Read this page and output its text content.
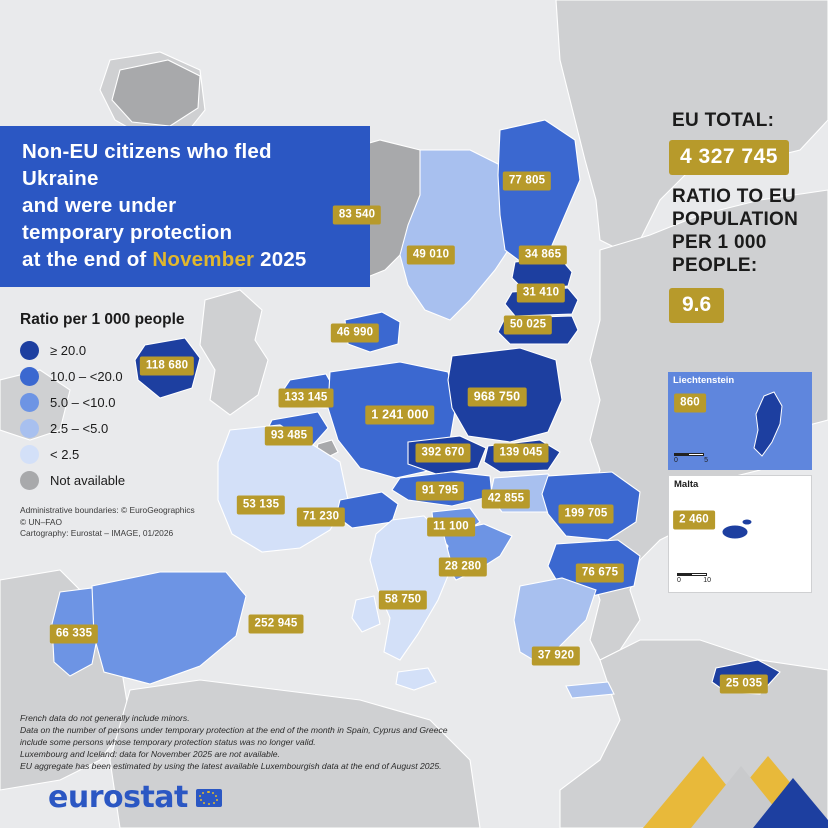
Non-EU citizens who fled Ukraine
and were under
temporary protection
at the end of November 2025
Ratio per 1 000 people
≥ 20.0
10.0 – <20.0
5.0 – <10.0
2.5 – <5.0
< 2.5
Not available
Administrative boundaries: © EuroGeographics
© UN–FAO
Cartography: Eurostat – IMAGE, 01/2026
EU TOTAL:
4 327 745
RATIO TO EU POPULATION PER 1 000 PEOPLE:
9.6
Liechtenstein
0	5
Malta
0	10
77 805
83 540
49 010	34 865
31 410
46 990
50 025
118 680
133 145	968 750
1 241 000
93 485
392 670	139 045
91 795
42 855
53 135
71 230
11 100
199 705
28 280	76 675
58 750
66 335
252 945
37 920
25 035
860
2 460
French data do not generally include minors.
Data on the number of persons under temporary protection at the end of the month in Spain, Cyprus and Greece
include some persons whose temporary protection status was no longer valid.
Luxembourg and Iceland: data for November 2025 are not available.
EU aggregate has been estimated by using the latest available Luxembourgish data at the end of August 2025.
eurostat
